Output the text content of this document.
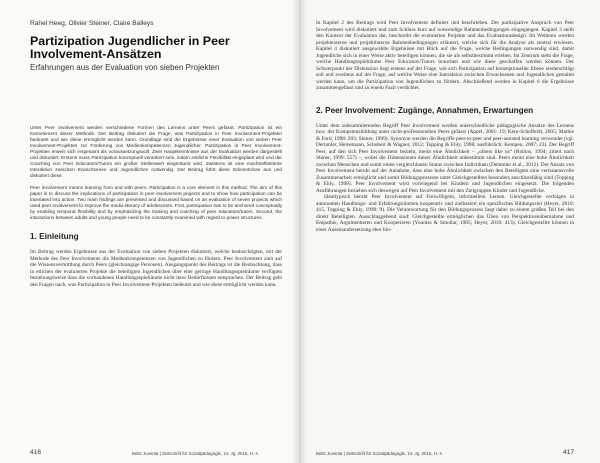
Rahel Heeg, Olivier Steiner, Claire Balleys

Partizipation Jugendlicher in Peer Involvement-Ansätzen

Erfahrungen aus der Evaluation von sieben Projekten

Unter Peer Involvement werden verschiedene Formen des Lernens unter Peers gefasst. Partizipation ist ein Kernelement dieser Methode. Der Beitrag diskutiert die Frage, was Partizipation in Peer Involvement-Projekten bedeutet und wie diese ermöglicht werden kann. Grundlage sind die Ergebnisse einer Evaluation von sieben Peer Involvement-Projekten zur Förderung von Medienkompetenzen Jugendlicher. Partizipation in Peer Involvement-Projekten erweis sich insgesamt als voraussetzungsvoll. Zwei Hauptkenntnisse aus der Evaluation werden dargestellt und diskutiert: Erstens muss Partizipation konzeptuell verankert sein, indem zeitliche Flexibilität eingeplant wird und der Coaching von Peer Educators/Tutors ein großer Stellenwert eingeräumt wird. Zweitens ist eine machtreflektierte Interaktion zwischen Erwachsenen und Jugendlichen notwendig. Der Beitrag führt diese Erkenntnisse aus und diskutiert diese.

Peer involvement means learning from and with peers. Participation is a core element in this method. The aim of this paper is to discuss the implications of participation in peer involvement projects and to show how participation can be translated into action. Two main findings are presented and discussed based on an evaluation of seven projects which used peer involvement to improve the media literacy of adolescents. First, participation has to be anchored conceptually by enabling temporal flexibility and by emphasizing the training and coaching of peer educators/tutors. Second, the interactions between adults and young people need to be constantly examined with regard to power structures.

1. Einleitung

Im Beitrag werden Ergebnisse aus der Evaluation von sieben Projekten diskutiert, welche beabsichtigten, mit der Methode des Peer Involvements die Medienkompetenzen von Jugendlichen zu fördern. Peer Involvement zielt auf die Wissensvermittlung durch Peers (gleichrangige Personen). Ausgangspunkt des Beitrags ist die Beobachtung, dass in etlichen der evaluierten Projekte die beteiligten Jugendlichen über eher geringe Handlungsspielräume verfügten beziehungsweise dass die vorhandenen Handlungsspielräume nicht ihrer Bedürfnissen entsprachen. Der Beitrag geht den Fragen nach, was Partizipation in Peer Involvement-Projekten bedeutet und wie diese ermöglicht werden kann.

416	Beltz Juventa | Zeitschrift für Sozialpädagogik, 14. Jg. 2016, H. 4

In Kapitel 2 des Beitrags wird Peer Involvement definiert und beschrieben. Der partizipative Anspruch von Peer Involvement wird diskutiert und zum Schluss kurz auf notwendige Rahmenbedingungen eingegangen. Kapitel 3 stellt den Kontext der Evaluation dar, beschreibt die evaluierten Projekte und das Evaluationsdesign. Im Weiteren werden projektexterne und projektinterne Rahmenbedingungen erläutert, welche sich für die Analyse als zentral erwiesen. Kapitel 4 diskutiert ausgewählte Ergebnisse mit Blick auf die Frage, welche Bedingungen notwendig sind, damit Jugendliche sich in einer Weise aktiv beteiligen können, die sie als selbstbestimmt erleben. Im Zentrum steht die Frage, welche Handlungsspielräume Peer Educators/Tutors brauchen und wie diese geschaffen werden können. Der Schwerpunkt der Diskussion liegt erstens auf der Frage, wie sich Partizipation auf konzeptioneller Ebene niederschlägt soll und zweitens auf der Frage, auf welche Weise eine Interaktion zwischen Erwachsenen und Jugendlichen gestaltet werden kann, um die Partizipation von Jugendlichen zu fördern. Abschließend werden in Kapitel 6 die Ergebnisse zusammengefasst und zu einem Fazit verdichtet.

2. Peer Involvement: Zugänge, Annahmen, Erwartungen

Unter dem subsummierenden Begriff Peer Involvement werden unterschiedliche pädagogische Ansätze des Lernens bzw. der Kompetenzbildung unter nicht-professionellen Peers gefasst (Appel, 2001: 19; Kern-Scheffeldt, 2005; Mathie & Ford, 1998: 203; Shiner, 1999). Synonym werden die Begriffe peer-to-peer und peer-assisted learning verwendet (vgl. Dernmler, Heinemann, Schubert & Wagner, 2012; Topping & Ehly, 1998; ausführlich: Kempen, 2007: 23). Der Begriff Peer, auf den sich Peer Involvement bezieht, meint eine Ähnlichkeit – „others like us“ (Robins, 1994; zitiert nach Shiner, 1999: 557) –, wobei die Dimensionen dieser Ähnlichkeit unbestimmt sind. Peers meint eine hohe Ähnlichkeit zwischen Menschen und somit einen vergleichbaren Status zwischen Individuen (Demmler et al., 2012). Der Ansatz von Peer Involvement beruht auf der Annahme, dass eine hohe Ähnlichkeit zwischen den Beteiligten eine vertrauensvolle Zusammenarbeit ermöglicht und somit Bildungsprozesse unter Gleichgestellten besonders anschlussfähig sind (Topping & Ehly, 1998). Peer Involvement wird vorwiegend bei Kindern und Jugendlichen eingesetzt. Die folgenden Ausführungen beziehen sich deswegen auf Peer Involvement mit den Zielgruppen Kinder und Jugendliche.

Idealtypisch beruht Peer Involvement auf Freiwilligem, informellem Lernen. Gleichgestellte verfolgen in autonomen Handlungs- und Erfahrungsräumen kooperativ und zielbasiert ein spezifisches Bildungsziel (Heyer, 2010: 415, Topping & Ehly, 1998: 9). Die Verantwortung für den Bildungsprozess liegt dabei zu einem großen Teil bei den direkt Beteiligten. Ausschlaggebend sind: Gleichgestellte ermöglichen das Üben von Perspektivenübernahme und Empathie, Argumentieren und Kooperieren (Youniss & Smollar, 1985; Heyer, 2010: 413). Gleichgestellte können in einer Auseinandersetzung eher hin-

Beltz Juventa | Zeitschrift für Sozialpädagogik, 14. Jg. 2016, H. 4	417
